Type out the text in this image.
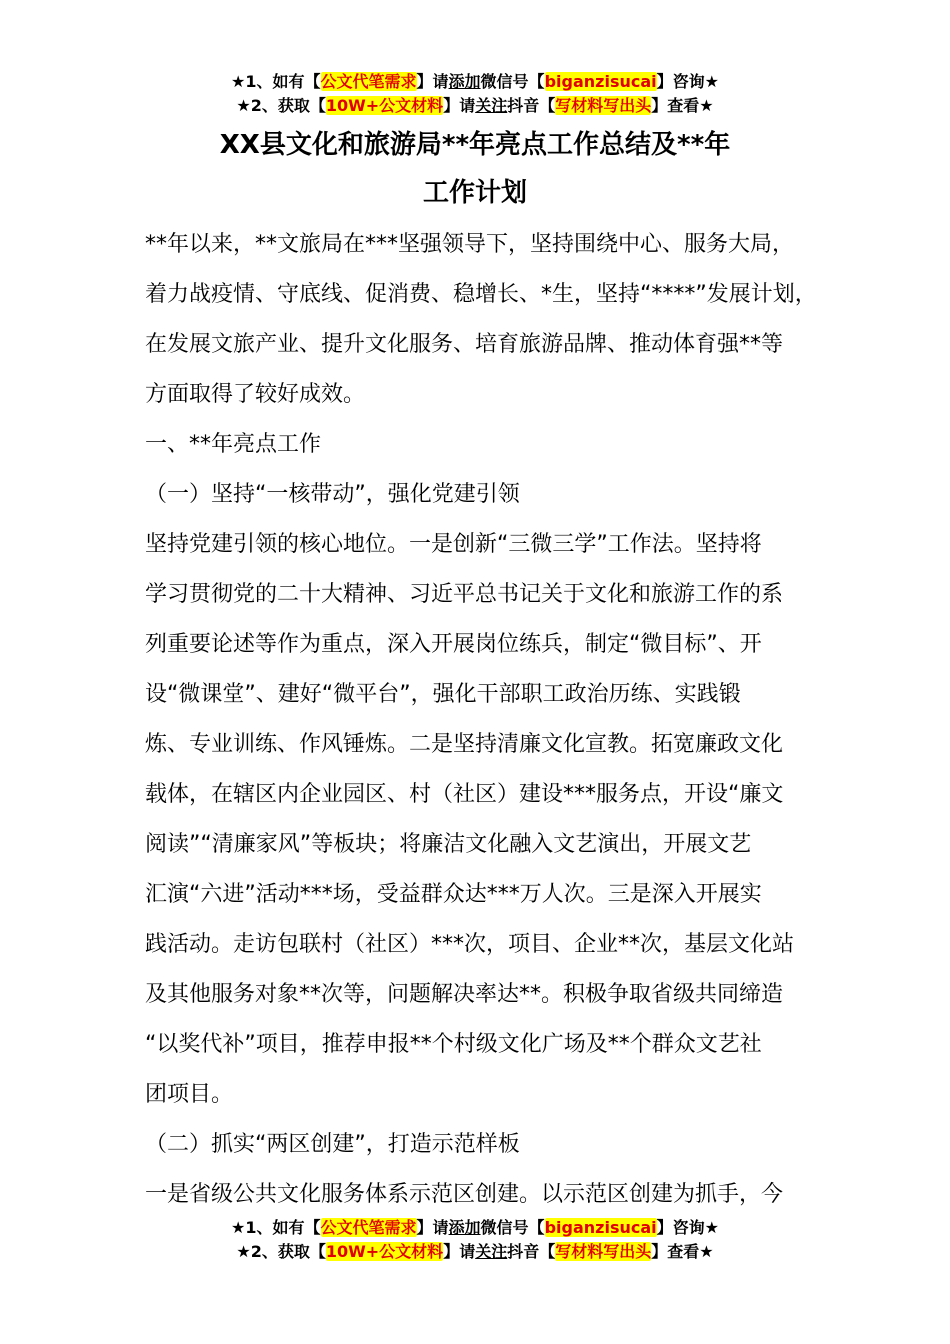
★1、如有【公文代笔需求】请添加微信号【biganzisucai】咨询★
★2、获取【10W+公文材料】请关注抖音【写材料写出头】查看★
XX县文化和旅游局**年亮点工作总结及**年
工作计划

**年以来，**文旅局在***坚强领导下，坚持围绕中心、服务大局，

着力战疫情、守底线、促消费、稳增长、*生，坚持“****”发展计划，

在发展文旅产业、提升文化服务、培育旅游品牌、推动体育强**等

方面取得了较好成效。

一、**年亮点工作

（一）坚持“一核带动”，强化党建引领

坚持党建引领的核心地位。一是创新“三微三学”工作法。坚持将

学习贯彻党的二十大精神、习近平总书记关于文化和旅游工作的系

列重要论述等作为重点，深入开展岗位练兵，制定“微目标”、开

设“微课堂”、建好“微平台”，强化干部职工政治历练、实践锻

炼、专业训练、作风锤炼。二是坚持清廉文化宣教。拓宽廉政文化

载体，在辖区内企业园区、村（社区）建设***服务点，开设“廉文

阅读”“清廉家风”等板块；将廉洁文化融入文艺演出，开展文艺

汇演“六进”活动***场，受益群众达***万人次。三是深入开展实

践活动。走访包联村（社区）***次，项目、企业**次，基层文化站

及其他服务对象**次等，问题解决率达**。积极争取省级共同缔造

“以奖代补”项目，推荐申报**个村级文化广场及**个群众文艺社

团项目。

（二）抓实“两区创建”，打造示范样板

一是省级公共文化服务体系示范区创建。以示范区创建为抓手，今

★1、如有【公文代笔需求】请添加微信号【biganzisucai】咨询★
★2、获取【10W+公文材料】请关注抖音【写材料写出头】查看★
